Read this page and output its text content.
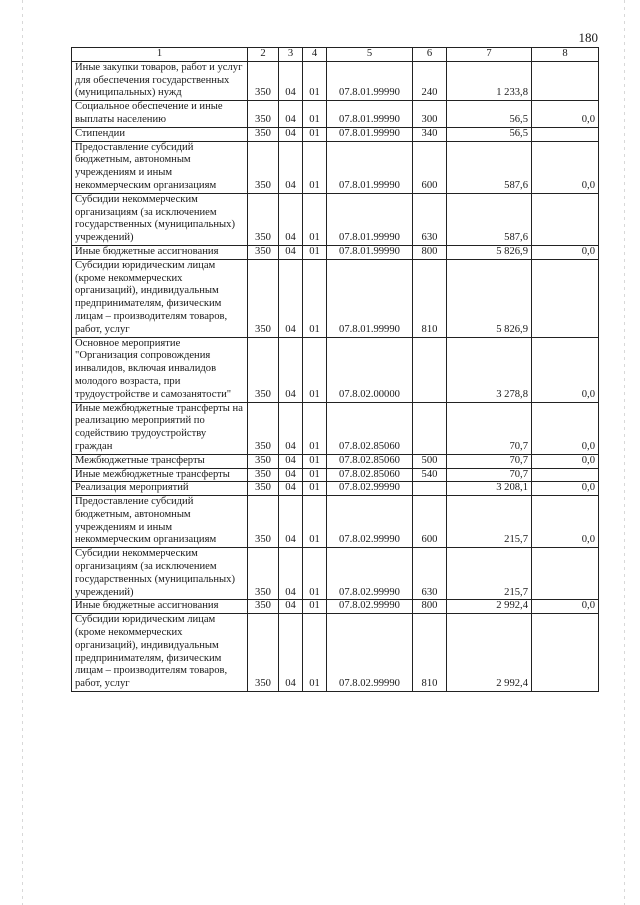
180
1	2	3	4	5	6	7	8
Иные закупки товаров, работ и услуг для обеспечения государственных (муниципальных) нужд	350	04	01	07.8.01.99990	240	1 233,8	
Социальное обеспечение и иные выплаты населению	350	04	01	07.8.01.99990	300	56,5	0,0
Стипендии	350	04	01	07.8.01.99990	340	56,5	
Предоставление субсидий бюджетным, автономным учреждениям и иным некоммерческим организациям	350	04	01	07.8.01.99990	600	587,6	0,0
Субсидии некоммерческим организациям (за исключением государственных (муниципальных) учреждений)	350	04	01	07.8.01.99990	630	587,6	
Иные бюджетные ассигнования	350	04	01	07.8.01.99990	800	5 826,9	0,0
Субсидии юридическим лицам (кроме некоммерческих организаций), индивидуальным предпринимателям, физическим лицам – производителям товаров, работ, услуг	350	04	01	07.8.01.99990	810	5 826,9	
Основное мероприятие "Организация сопровождения инвалидов, включая инвалидов молодого возраста, при трудоустройстве и самозанятости"	350	04	01	07.8.02.00000		3 278,8	0,0
Иные межбюджетные трансферты на реализацию мероприятий по содействию трудоустройству граждан	350	04	01	07.8.02.85060		70,7	0,0
Межбюджетные трансферты	350	04	01	07.8.02.85060	500	70,7	0,0
Иные межбюджетные трансферты	350	04	01	07.8.02.85060	540	70,7	
Реализация мероприятий	350	04	01	07.8.02.99990		3 208,1	0,0
Предоставление субсидий бюджетным, автономным учреждениям и иным некоммерческим организациям	350	04	01	07.8.02.99990	600	215,7	0,0
Субсидии некоммерческим организациям (за исключением государственных (муниципальных) учреждений)	350	04	01	07.8.02.99990	630	215,7	
Иные бюджетные ассигнования	350	04	01	07.8.02.99990	800	2 992,4	0,0
Субсидии юридическим лицам (кроме некоммерческих организаций), индивидуальным предпринимателям, физическим лицам – производителям товаров, работ, услуг	350	04	01	07.8.02.99990	810	2 992,4	
